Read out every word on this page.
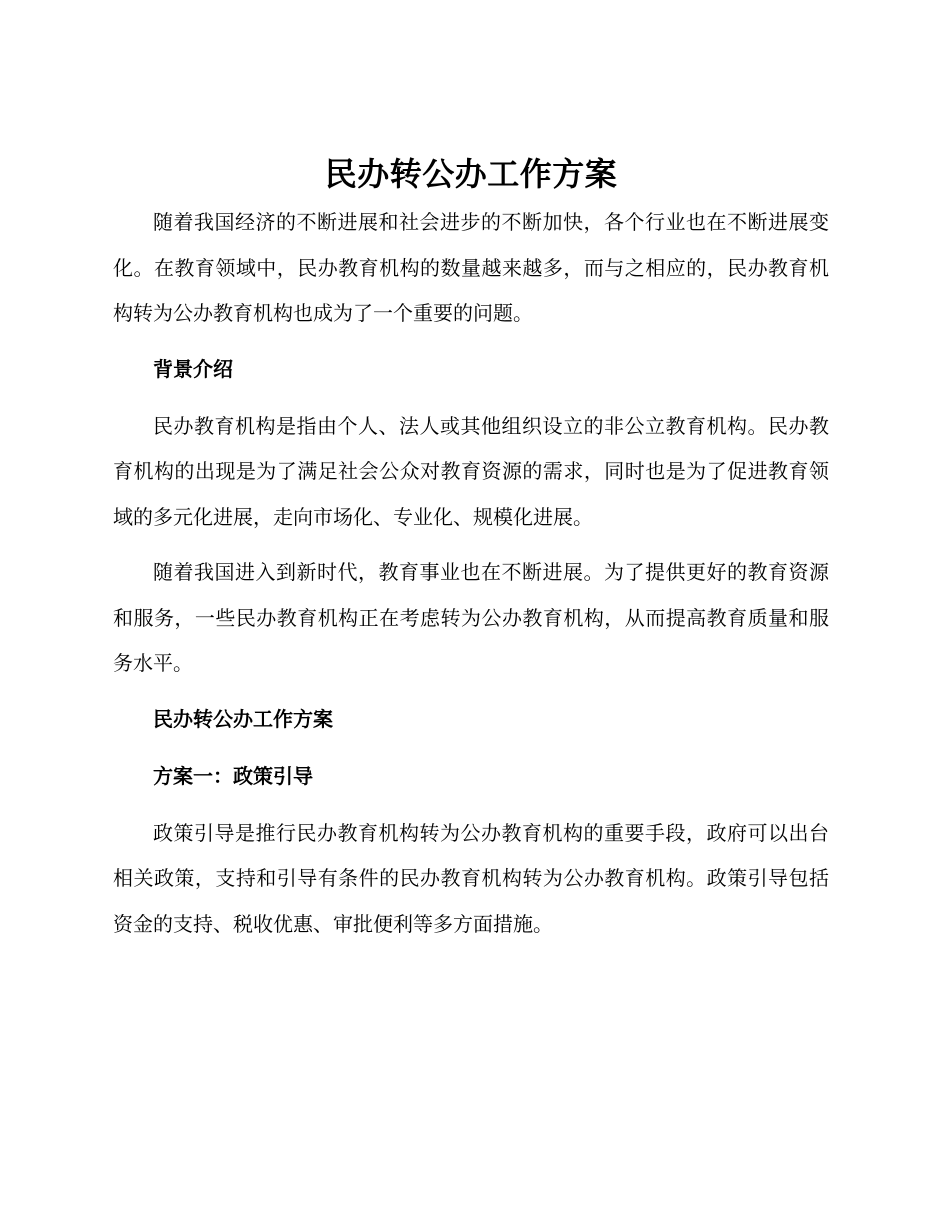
民办转公办工作方案

随着我国经济的不断进展和社会进步的不断加快，各个行业也在不断进展变化。在教育领域中，民办教育机构的数量越来越多，而与之相应的，民办教育机构转为公办教育机构也成为了一个重要的问题。

背景介绍

民办教育机构是指由个人、法人或其他组织设立的非公立教育机构。民办教育机构的出现是为了满足社会公众对教育资源的需求，同时也是为了促进教育领域的多元化进展，走向市场化、专业化、规模化进展。

随着我国进入到新时代，教育事业也在不断进展。为了提供更好的教育资源和服务，一些民办教育机构正在考虑转为公办教育机构，从而提高教育质量和服务水平。

民办转公办工作方案
方案一：政策引导

政策引导是推行民办教育机构转为公办教育机构的重要手段，政府可以出台相关政策，支持和引导有条件的民办教育机构转为公办教育机构。政策引导包括资金的支持、税收优惠、审批便利等多方面措施。
